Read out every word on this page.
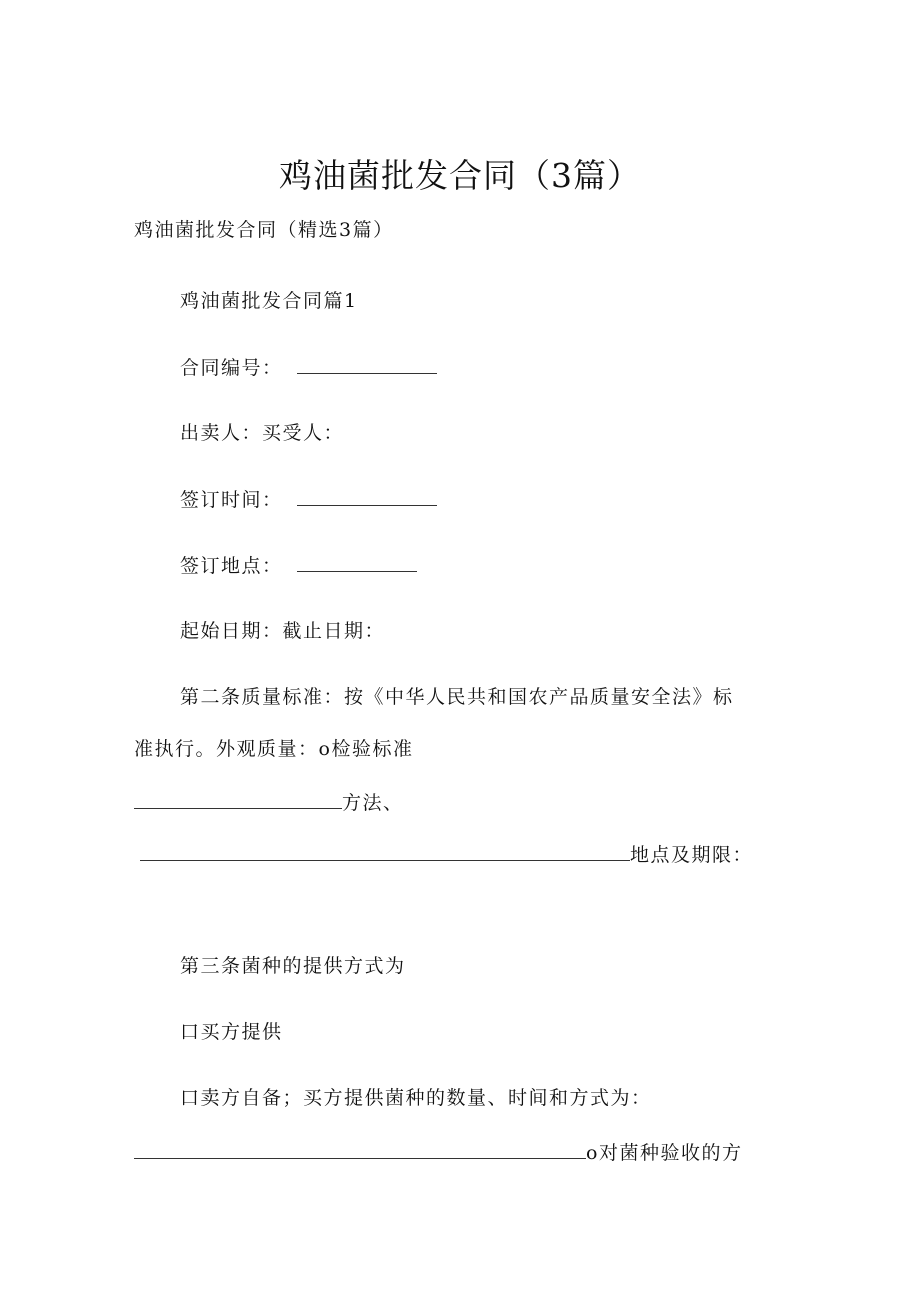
鸡油菌批发合同（3篇）
鸡油菌批发合同（精选3篇）
鸡油菌批发合同篇1
合同编号：
出卖人：买受人：
签订时间：
签订地点：
起始日期：截止日期：
第二条质量标准：按《中华人民共和国农产品质量安全法》标
准执行。外观质量：o检验标准
方法、
地点及期限：
第三条菌种的提供方式为
口买方提供
口卖方自备；买方提供菌种的数量、时间和方式为：
o对菌种验收的方
